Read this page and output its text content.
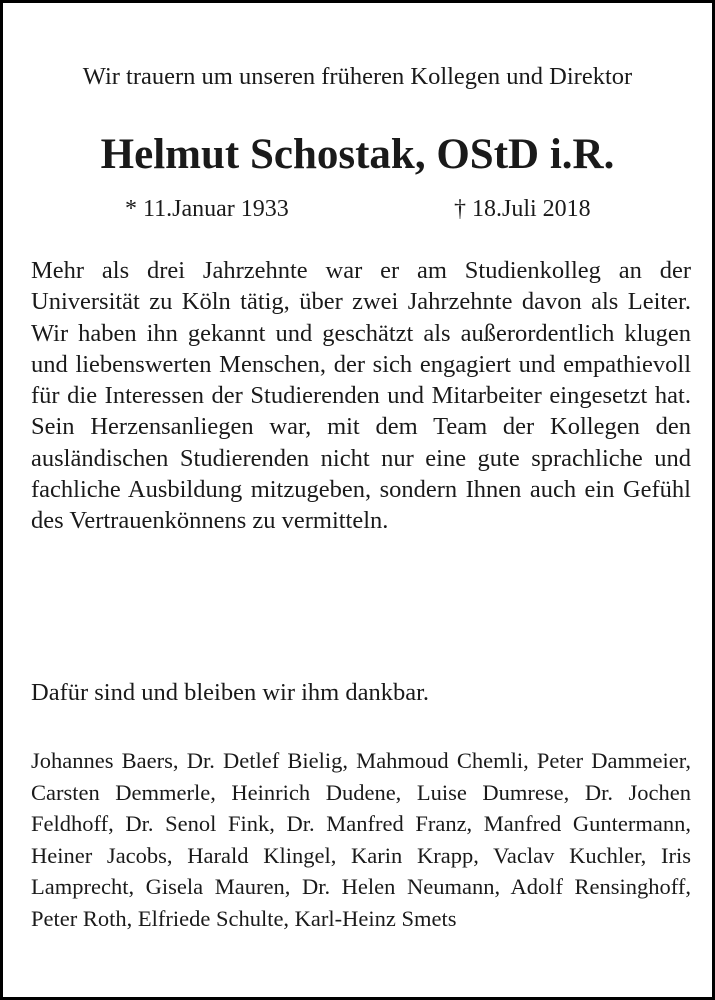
Wir trauern um unseren früheren Kollegen und Direktor
Helmut Schostak, OStD i.R.
* 11.Januar 1933	† 18.Juli 2018
Mehr als drei Jahrzehnte war er am Studienkolleg an der Universität zu Köln tätig, über zwei Jahrzehnte davon als Leiter. Wir haben ihn gekannt und geschätzt als außerordentlich klugen und liebenswerten Menschen, der sich engagiert und empathievoll für die Interessen der Studierenden und Mitarbeiter eingesetzt hat. Sein Herzensanliegen war, mit dem Team der Kollegen den ausländischen Studierenden nicht nur eine gute sprachliche und fachliche Ausbildung mitzugeben, sondern Ihnen auch ein Gefühl des Vertrauenkönnens zu vermitteln.
Dafür sind und bleiben wir ihm dankbar.
Johannes Baers, Dr. Detlef Bielig, Mahmoud Chemli, Peter Dammeier, Carsten Demmerle, Heinrich Dudene, Luise Dumrese, Dr. Jochen Feldhoff, Dr. Senol Fink, Dr. Manfred Franz, Manfred Guntermann, Heiner Jacobs, Harald Klingel, Karin Krapp, Vaclav Kuchler, Iris Lamprecht, Gisela Mauren, Dr. Helen Neumann, Adolf Rensinghoff, Peter Roth, Elfriede Schulte, Karl-Heinz Smets
